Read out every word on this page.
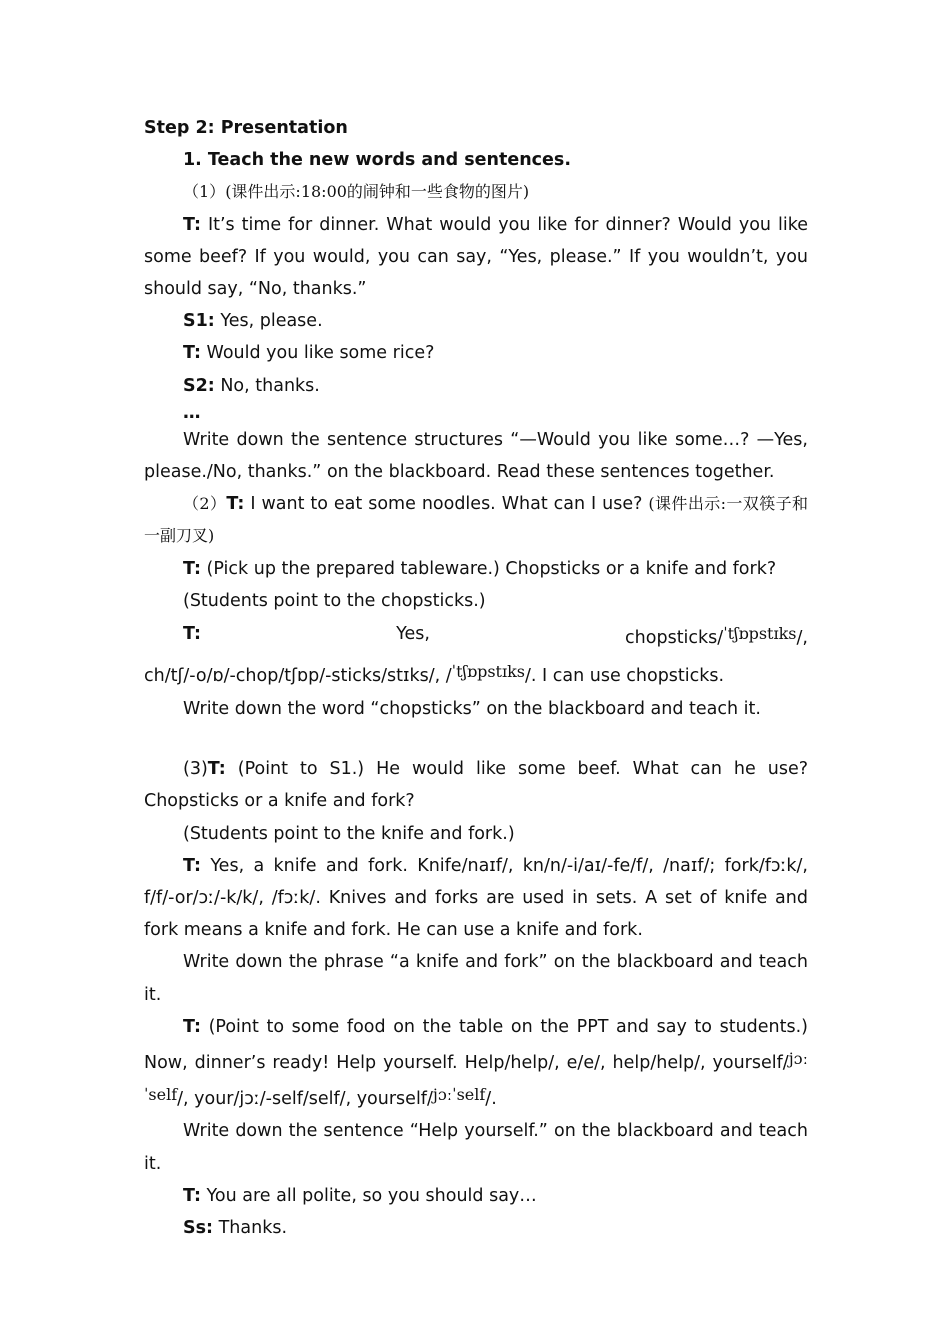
Step 2: Presentation

1. Teach the new words and sentences.

（1）(课件出示:18:00的闹钟和一些食物的图片)

T: It’s time for dinner. What would you like for dinner? Would you like some beef? If you would, you can say, “Yes, please.” If you wouldn’t, you should say, “No, thanks.”

S1: Yes, please.

T: Would you like some rice?

S2: No, thanks.

…

Write down the sentence structures “—Would you like some…? —Yes, please./No, thanks.” on the blackboard. Read these sentences together.

（2）T: I want to eat some noodles. What can I use? (课件出示:一双筷子和一副刀叉)

T: (Pick up the prepared tableware.) Chopsticks or a knife and fork?

(Students point to the chopsticks.)

T:	Yes,	chopsticks/ˈtʃɒpstɪks/,

ch/tʃ/-o/ɒ/-chop/tʃɒp/-sticks/stɪks/, /ˈtʃɒpstɪks/. I can use chopsticks.

Write down the word “chopsticks” on the blackboard and teach it.

(3)T: (Point to S1.) He would like some beef. What can he use? Chopsticks or a knife and fork?

(Students point to the knife and fork.)

T: Yes, a knife and fork. Knife/naɪf/, kn/n/-i/aɪ/-fe/f/, /naɪf/; fork/fɔːk/, f/f/-or/ɔː/-k/k/, /fɔːk/. Knives and forks are used in sets. A set of knife and fork means a knife and fork. He can use a knife and fork.

Write down the phrase “a knife and fork” on the blackboard and teach it.

T: (Point to some food on the table on the PPT and say to students.) Now, dinner’s ready! Help yourself. Help/help/, e/e/, help/help/, yourself/jɔːˈself/, your/jɔː/-self/self/, yourself/jɔːˈself/.

Write down the sentence “Help yourself.” on the blackboard and teach it.

T: You are all polite, so you should say…

Ss: Thanks.
